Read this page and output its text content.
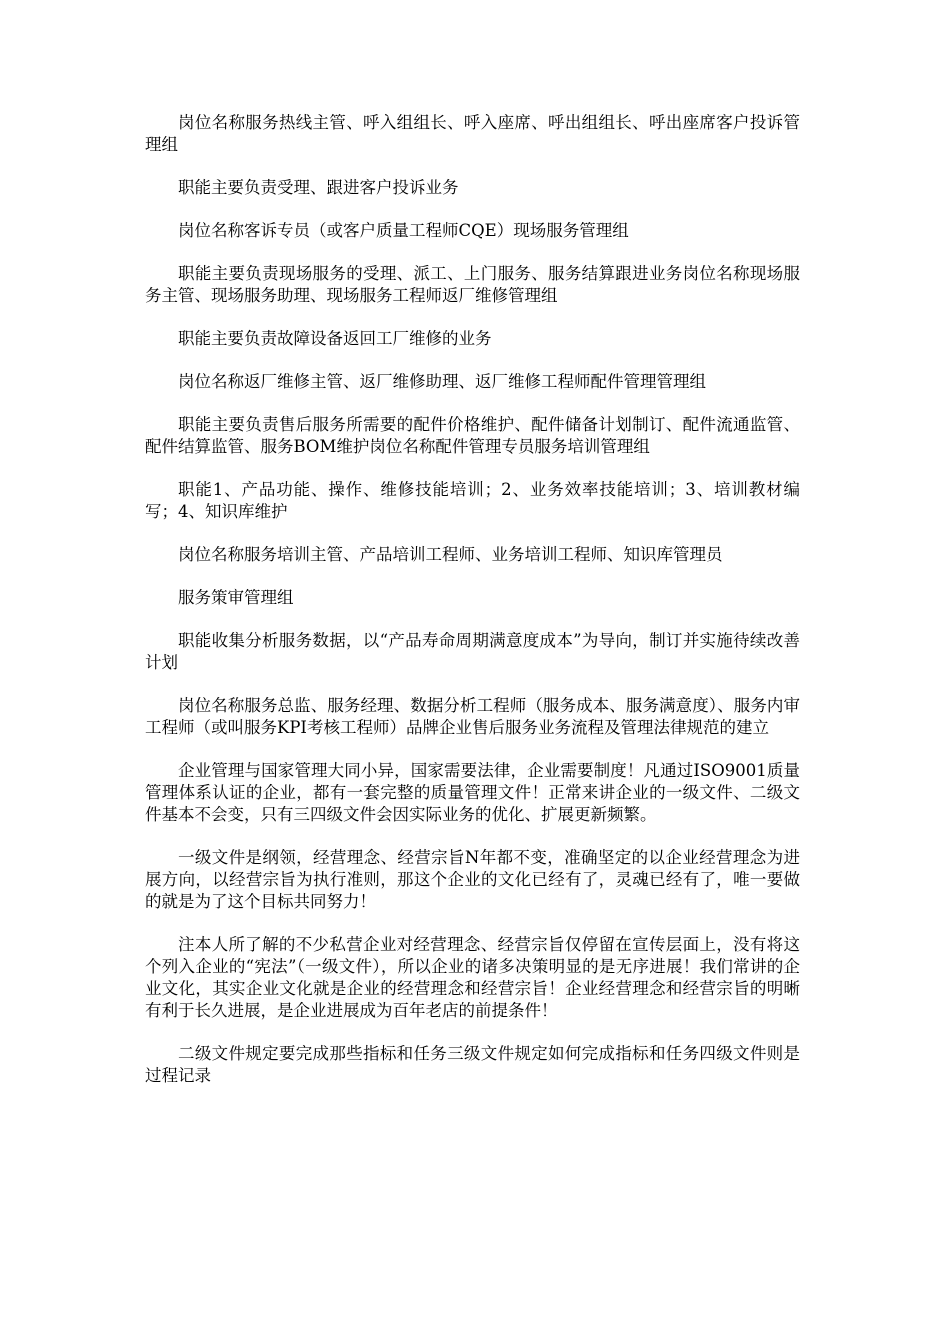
岗位名称服务热线主管、呼入组组长、呼入座席、呼出组组长、呼出座席客户投诉管理组

职能主要负责受理、跟进客户投诉业务

岗位名称客诉专员（或客户质量工程师CQE）现场服务管理组

职能主要负责现场服务的受理、派工、上门服务、服务结算跟进业务岗位名称现场服务主管、现场服务助理、现场服务工程师返厂维修管理组

职能主要负责故障设备返回工厂维修的业务

岗位名称返厂维修主管、返厂维修助理、返厂维修工程师配件管理管理组

职能主要负责售后服务所需要的配件价格维护、配件储备计划制订、配件流通监管、配件结算监管、服务BOM维护岗位名称配件管理专员服务培训管理组

职能1、产品功能、操作、维修技能培训；2、业务效率技能培训；3、培训教材编写；4、知识库维护

岗位名称服务培训主管、产品培训工程师、业务培训工程师、知识库管理员

服务策审管理组

职能收集分析服务数据，以“产品寿命周期满意度成本”为导向，制订并实施待续改善计划

岗位名称服务总监、服务经理、数据分析工程师（服务成本、服务满意度）、服务内审工程师（或叫服务KPI考核工程师）品牌企业售后服务业务流程及管理法律规范的建立

企业管理与国家管理大同小异，国家需要法律，企业需要制度！凡通过ISO9001质量管理体系认证的企业，都有一套完整的质量管理文件！正常来讲企业的一级文件、二级文件基本不会变，只有三四级文件会因实际业务的优化、扩展更新频繁。

一级文件是纲领，经营理念、经营宗旨N年都不变，准确坚定的以企业经营理念为进展方向，以经营宗旨为执行准则，那这个企业的文化已经有了，灵魂已经有了，唯一要做的就是为了这个目标共同努力！

注本人所了解的不少私营企业对经营理念、经营宗旨仅停留在宣传层面上，没有将这个列入企业的“宪法”（一级文件），所以企业的诸多决策明显的是无序进展！我们常讲的企业文化，其实企业文化就是企业的经营理念和经营宗旨！企业经营理念和经营宗旨的明晰有利于长久进展，是企业进展成为百年老店的前提条件！

二级文件规定要完成那些指标和任务三级文件规定如何完成指标和任务四级文件则是过程记录
